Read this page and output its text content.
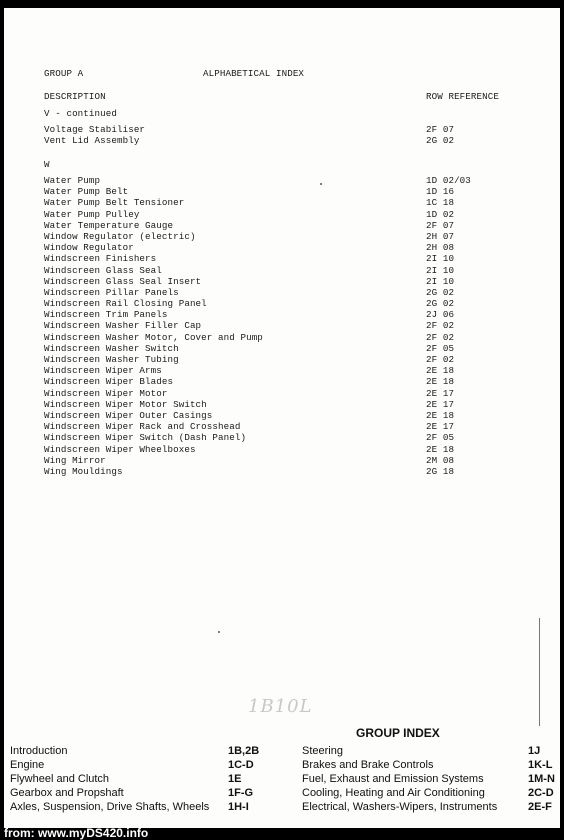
GROUP A	ALPHABETICAL INDEX
DESCRIPTION	ROW REFERENCE
V - continued
Voltage Stabiliser	2F 07
Vent Lid Assembly	2G 02
W
Water Pump	1D 02/03
Water Pump Belt	1D 16
Water Pump Belt Tensioner	1C 18
Water Pump Pulley	1D 02
Water Temperature Gauge	2F 07
Window Regulator (electric)	2H 07
Window Regulator	2H 08
Windscreen Finishers	2I 10
Windscreen Glass Seal	2I 10
Windscreen Glass Seal Insert	2I 10
Windscreen Pillar Panels	2G 02
Windscreen Rail Closing Panel	2G 02
Windscreen Trim Panels	2J 06
Windscreen Washer Filler Cap	2F 02
Windscreen Washer Motor, Cover and Pump	2F 02
Windscreen Washer Switch	2F 05
Windscreen Washer Tubing	2F 02
Windscreen Wiper Arms	2E 18
Windscreen Wiper Blades	2E 18
Windscreen Wiper Motor	2E 17
Windscreen Wiper Motor Switch	2E 17
Windscreen Wiper Outer Casings	2E 18
Windscreen Wiper Rack and Crosshead	2E 17
Windscreen Wiper Switch (Dash Panel)	2F 05
Windscreen Wiper Wheelboxes	2E 18
Wing Mirror	2M 08
Wing Mouldings	2G 18
1B10L
GROUP INDEX
Introduction	1B,2B
Engine	1C-D
Flywheel and Clutch	1E
Gearbox and Propshaft	1F-G
Axles, Suspension, Drive Shafts, Wheels 1H-I
Steering	1J
Brakes and Brake Controls	1K-L
Fuel, Exhaust and Emission Systems	1M-N
Cooling, Heating and Air Conditioning	2C-D
Electrical, Washers-Wipers, Instruments	2E-F
from: www.myDS420.info
